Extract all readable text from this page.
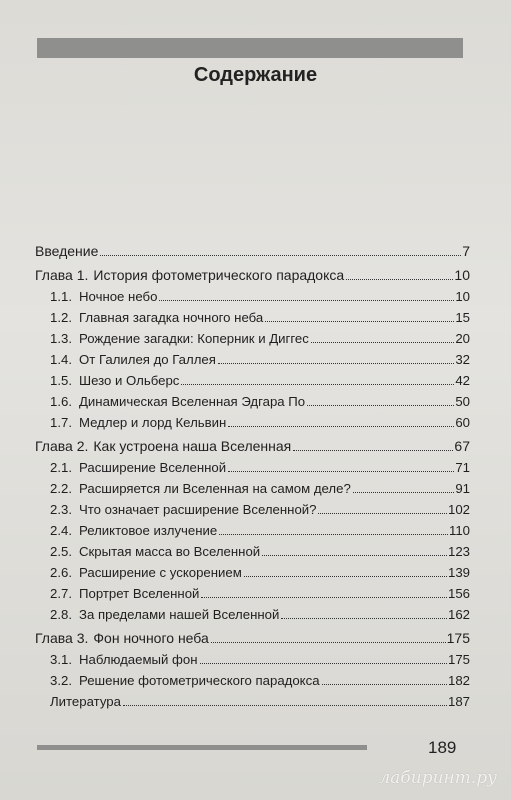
Содержание
Введение	7
Глава 1. История фотометрического парадокса	10
1.1. Ночное небо	10
1.2. Главная загадка ночного неба	15
1.3. Рождение загадки: Коперник и Диггес	20
1.4. От Галилея до Галлея	32
1.5. Шезо и Ольберс	42
1.6. Динамическая Вселенная Эдгара По	50
1.7. Медлер и лорд Кельвин	60
Глава 2. Как устроена наша Вселенная	67
2.1. Расширение Вселенной	71
2.2. Расширяется ли Вселенная на самом деле?	91
2.3. Что означает расширение Вселенной?	102
2.4. Реликтовое излучение	110
2.5. Скрытая масса во Вселенной	123
2.6. Расширение с ускорением	139
2.7. Портрет Вселенной	156
2.8. За пределами нашей Вселенной	162
Глава 3. Фон ночного неба	175
3.1. Наблюдаемый фон	175
3.2. Решение фотометрического парадокса	182
Литература	187
189
лабиринт.ру
